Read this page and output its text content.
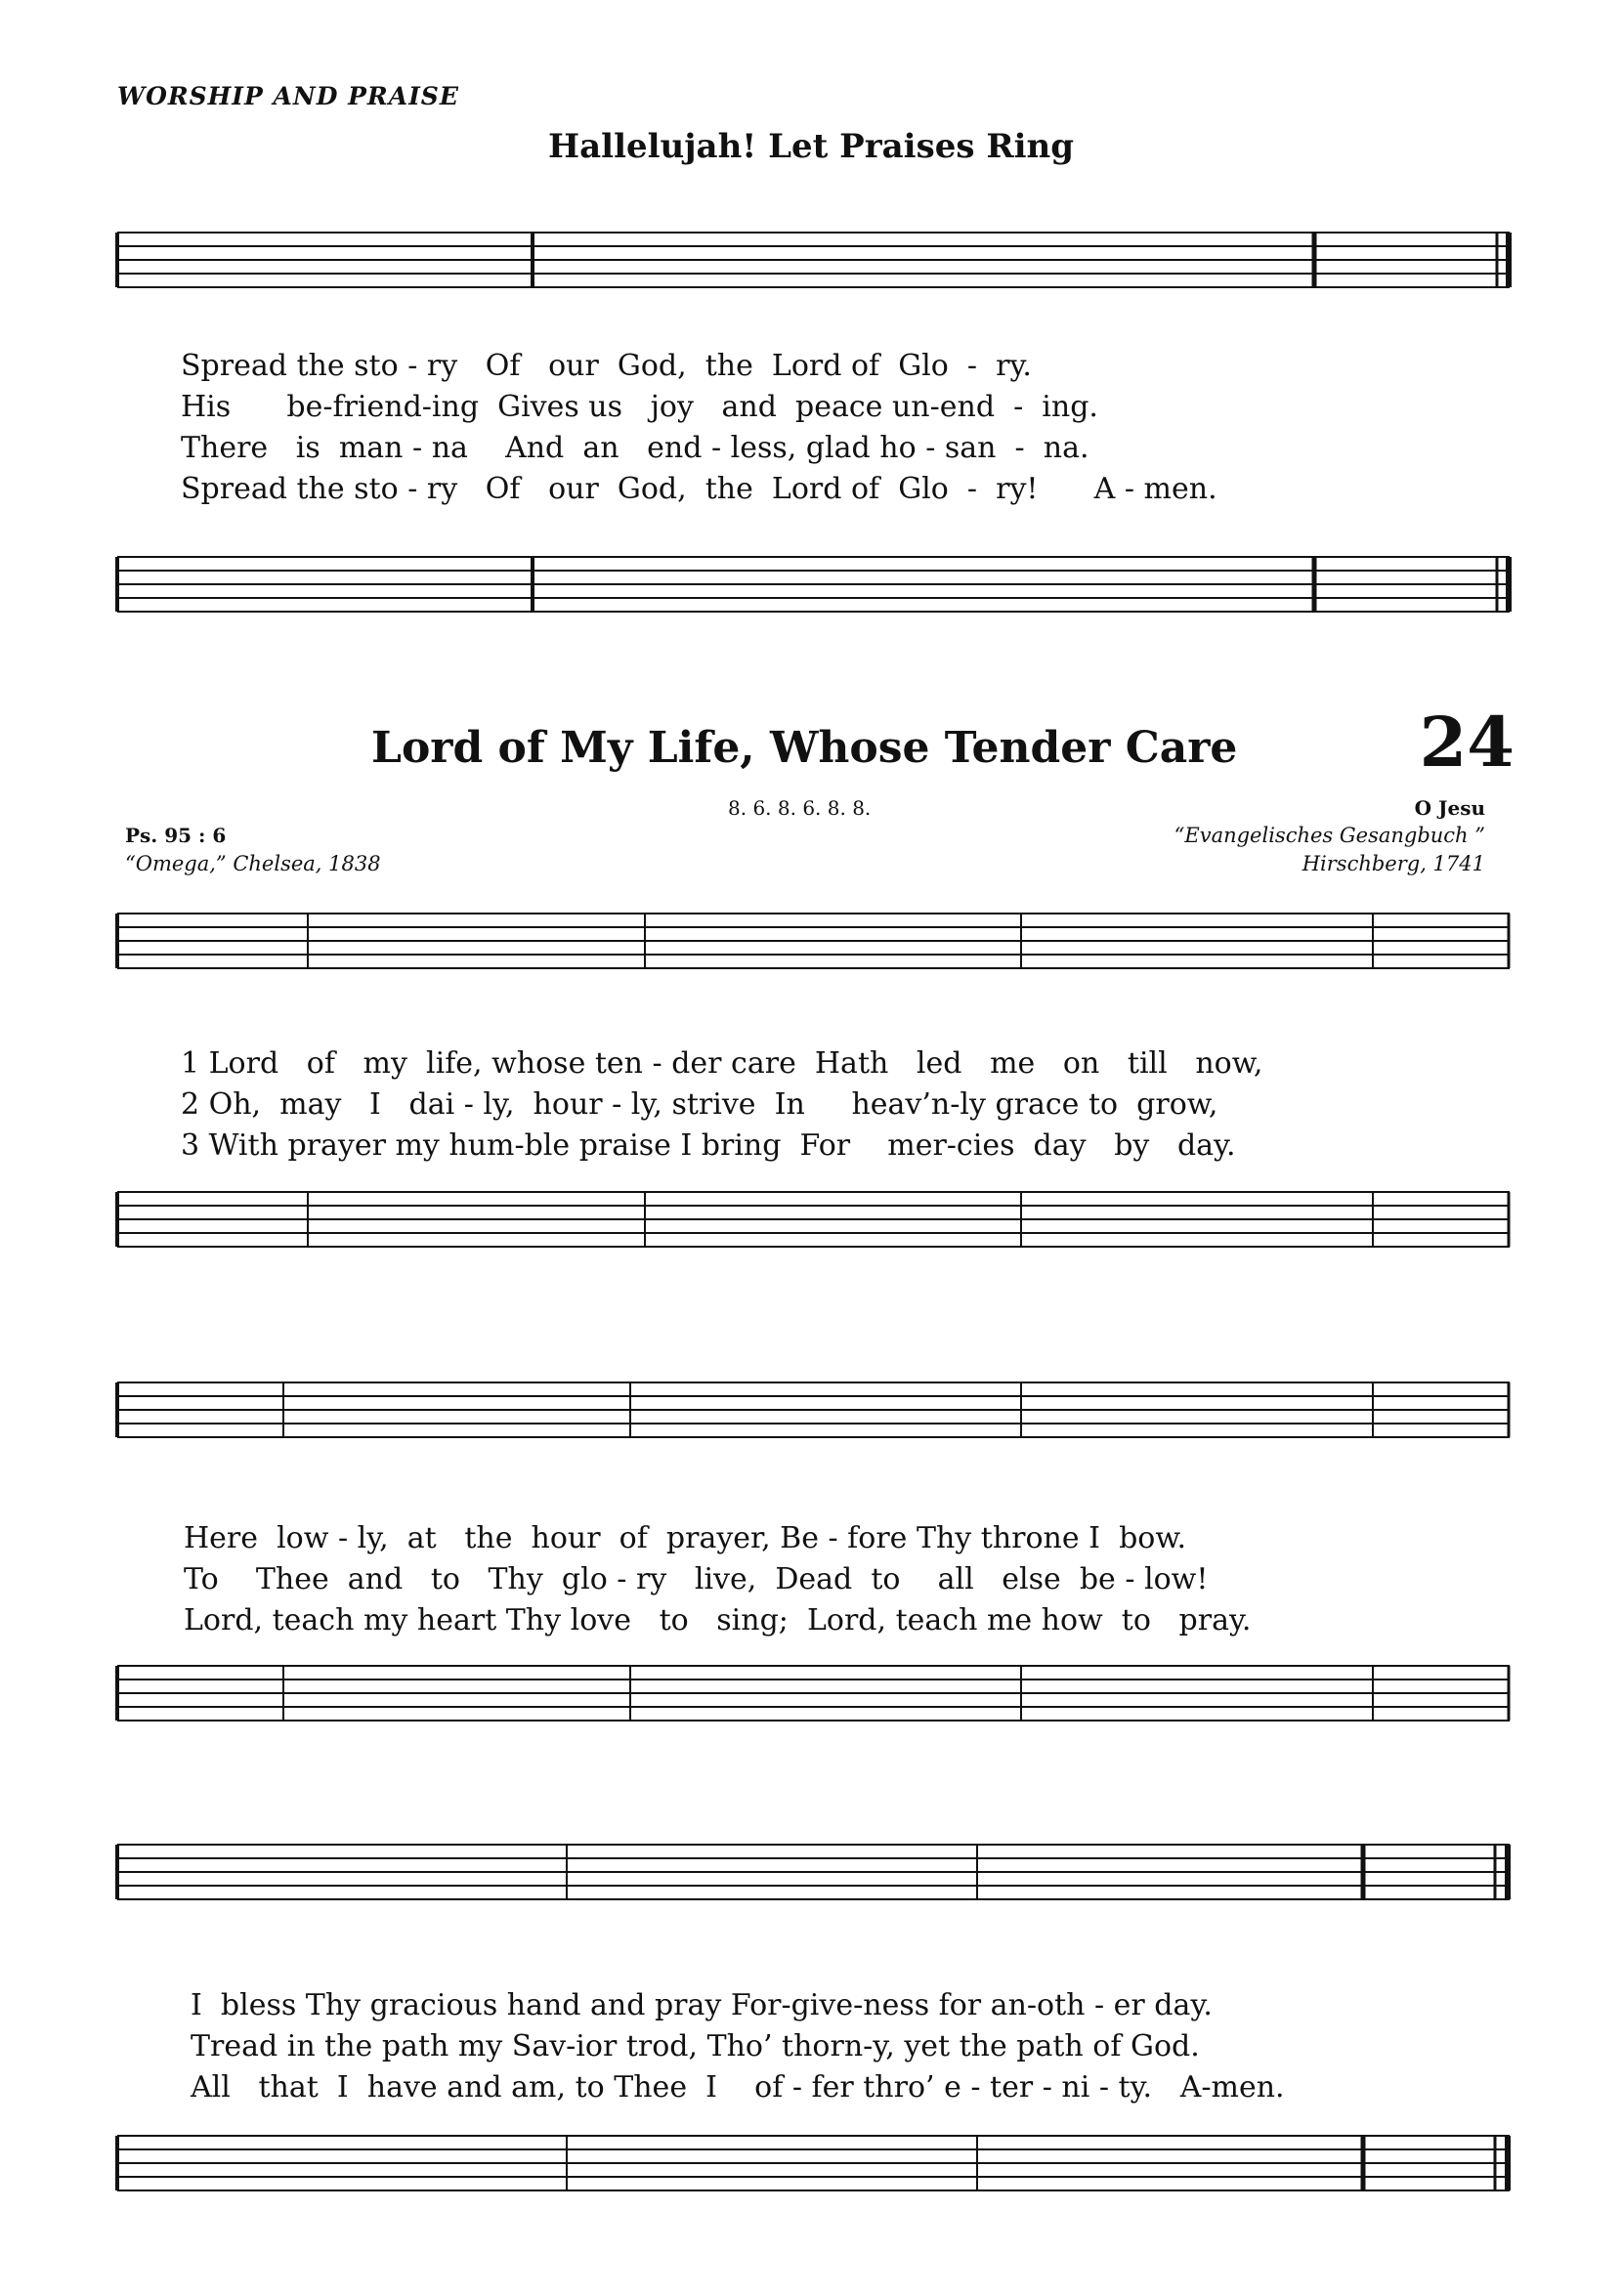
WORSHIP AND PRAISE
Hallelujah! Let Praises Ring
Spread the sto - ry   Of   our  God,  the  Lord of  Glo  -  ry.
His      be-friend-ing  Gives us   joy   and  peace un-end  -  ing.
There   is  man - na    And  an   end - less, glad ho - san  -  na.
Spread the sto - ry   Of   our  God,  the  Lord of  Glo  -  ry!      A - men.
Lord of My Life, Whose Tender Care	24
8. 6. 8. 6. 8. 8.	O Jesu
Ps. 95 : 6	“Evangelisches Gesangbuch ”
“Omega,” Chelsea, 1838	Hirschberg, 1741
1 Lord   of   my  life, whose ten - der care  Hath   led   me   on   till   now,
2 Oh,  may   I   dai - ly,  hour - ly, strive  In     heav’n-ly grace to  grow,
3 With prayer my hum-ble praise I bring  For    mer-cies  day   by   day.
Here  low - ly,  at   the  hour  of  prayer, Be - fore Thy throne I  bow.
To    Thee  and   to   Thy  glo - ry   live,  Dead  to    all   else  be - low!
Lord, teach my heart Thy love   to   sing;  Lord, teach me how  to   pray.
I  bless Thy gracious hand and pray For-give-ness for an-oth - er day.
Tread in the path my Sav-ior trod, Tho’ thorn-y, yet the path of God.
All   that  I  have and am, to Thee  I    of - fer thro’ e - ter - ni - ty.   A-men.
